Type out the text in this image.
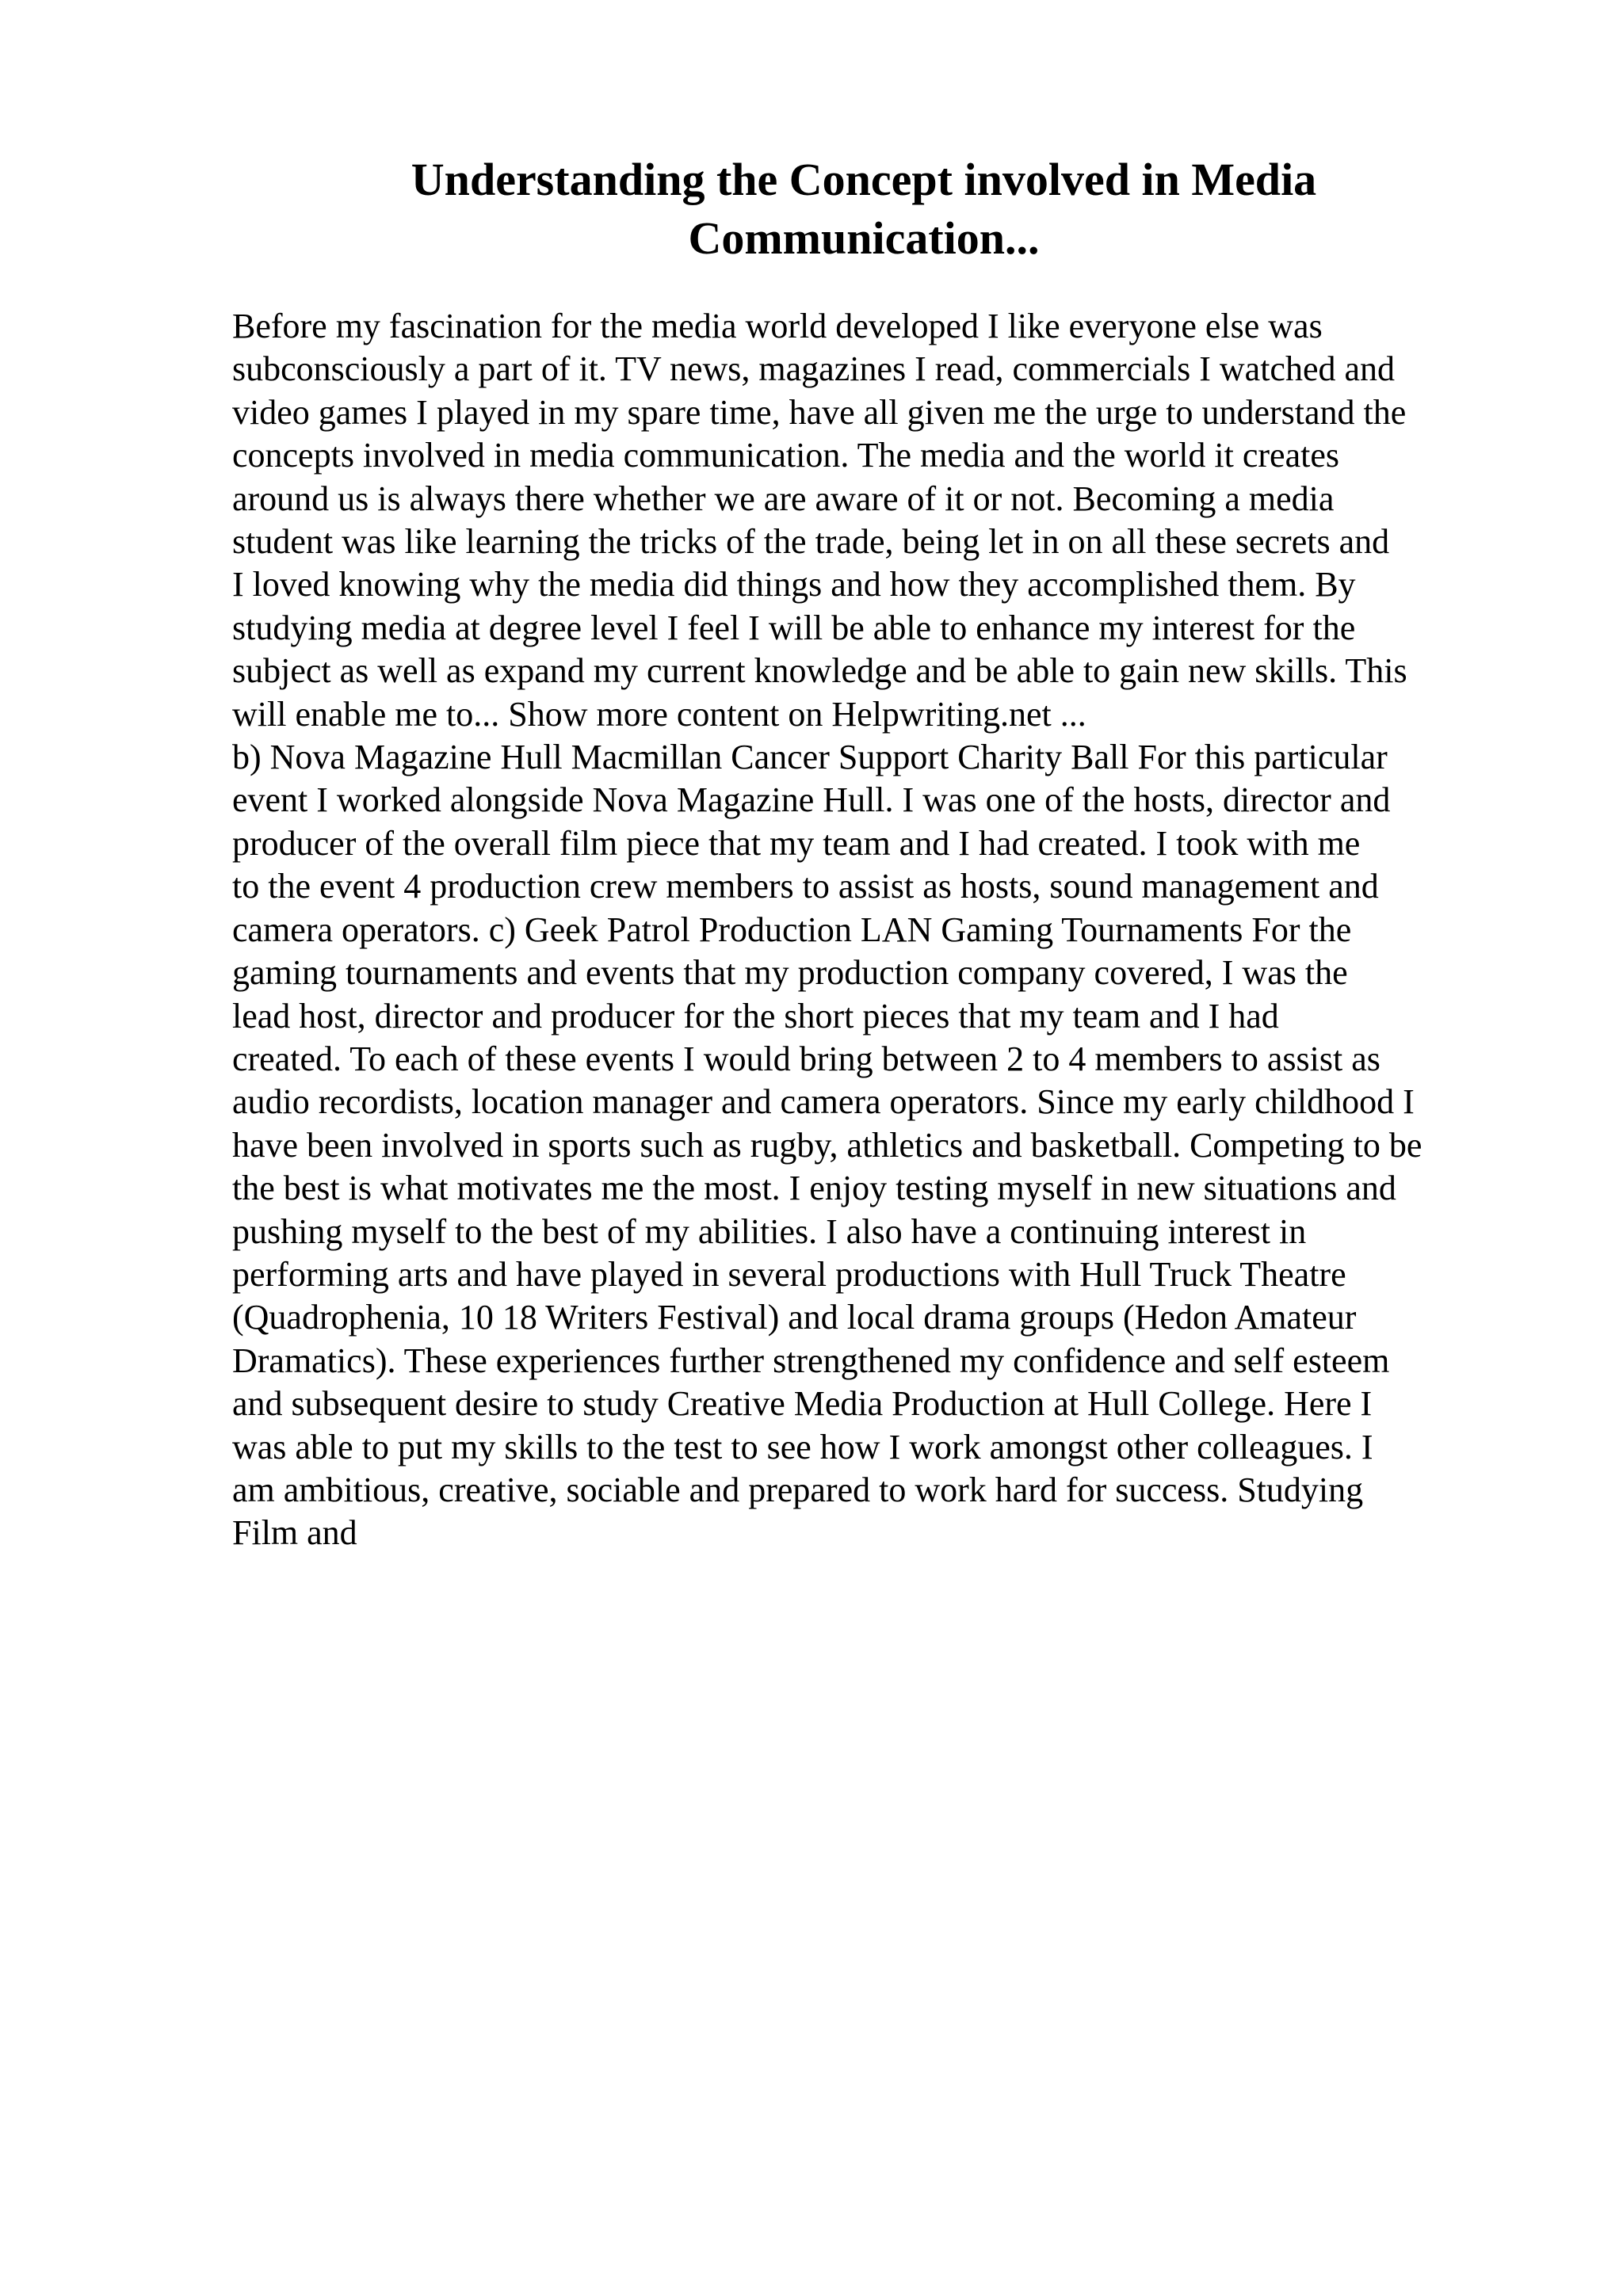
Understanding the Concept involved in Media
Communication...
Before my fascination for the media world developed I like everyone else was
subconsciously a part of it. TV news, magazines I read, commercials I watched and
video games I played in my spare time, have all given me the urge to understand the
concepts involved in media communication. The media and the world it creates
around us is always there whether we are aware of it or not. Becoming a media
student was like learning the tricks of the trade, being let in on all these secrets and
I loved knowing why the media did things and how they accomplished them. By
studying media at degree level I feel I will be able to enhance my interest for the
subject as well as expand my current knowledge and be able to gain new skills. This
will enable me to... Show more content on Helpwriting.net ...
b) Nova Magazine Hull Macmillan Cancer Support Charity Ball For this particular
event I worked alongside Nova Magazine Hull. I was one of the hosts, director and
producer of the overall film piece that my team and I had created. I took with me
to the event 4 production crew members to assist as hosts, sound management and
camera operators. c) Geek Patrol Production LAN Gaming Tournaments For the
gaming tournaments and events that my production company covered, I was the
lead host, director and producer for the short pieces that my team and I had
created. To each of these events I would bring between 2 to 4 members to assist as
audio recordists, location manager and camera operators. Since my early childhood I
have been involved in sports such as rugby, athletics and basketball. Competing to be
the best is what motivates me the most. I enjoy testing myself in new situations and
pushing myself to the best of my abilities. I also have a continuing interest in
performing arts and have played in several productions with Hull Truck Theatre
(Quadrophenia, 10 18 Writers Festival) and local drama groups (Hedon Amateur
Dramatics). These experiences further strengthened my confidence and self esteem
and subsequent desire to study Creative Media Production at Hull College. Here I
was able to put my skills to the test to see how I work amongst other colleagues. I
am ambitious, creative, sociable and prepared to work hard for success. Studying
Film and
